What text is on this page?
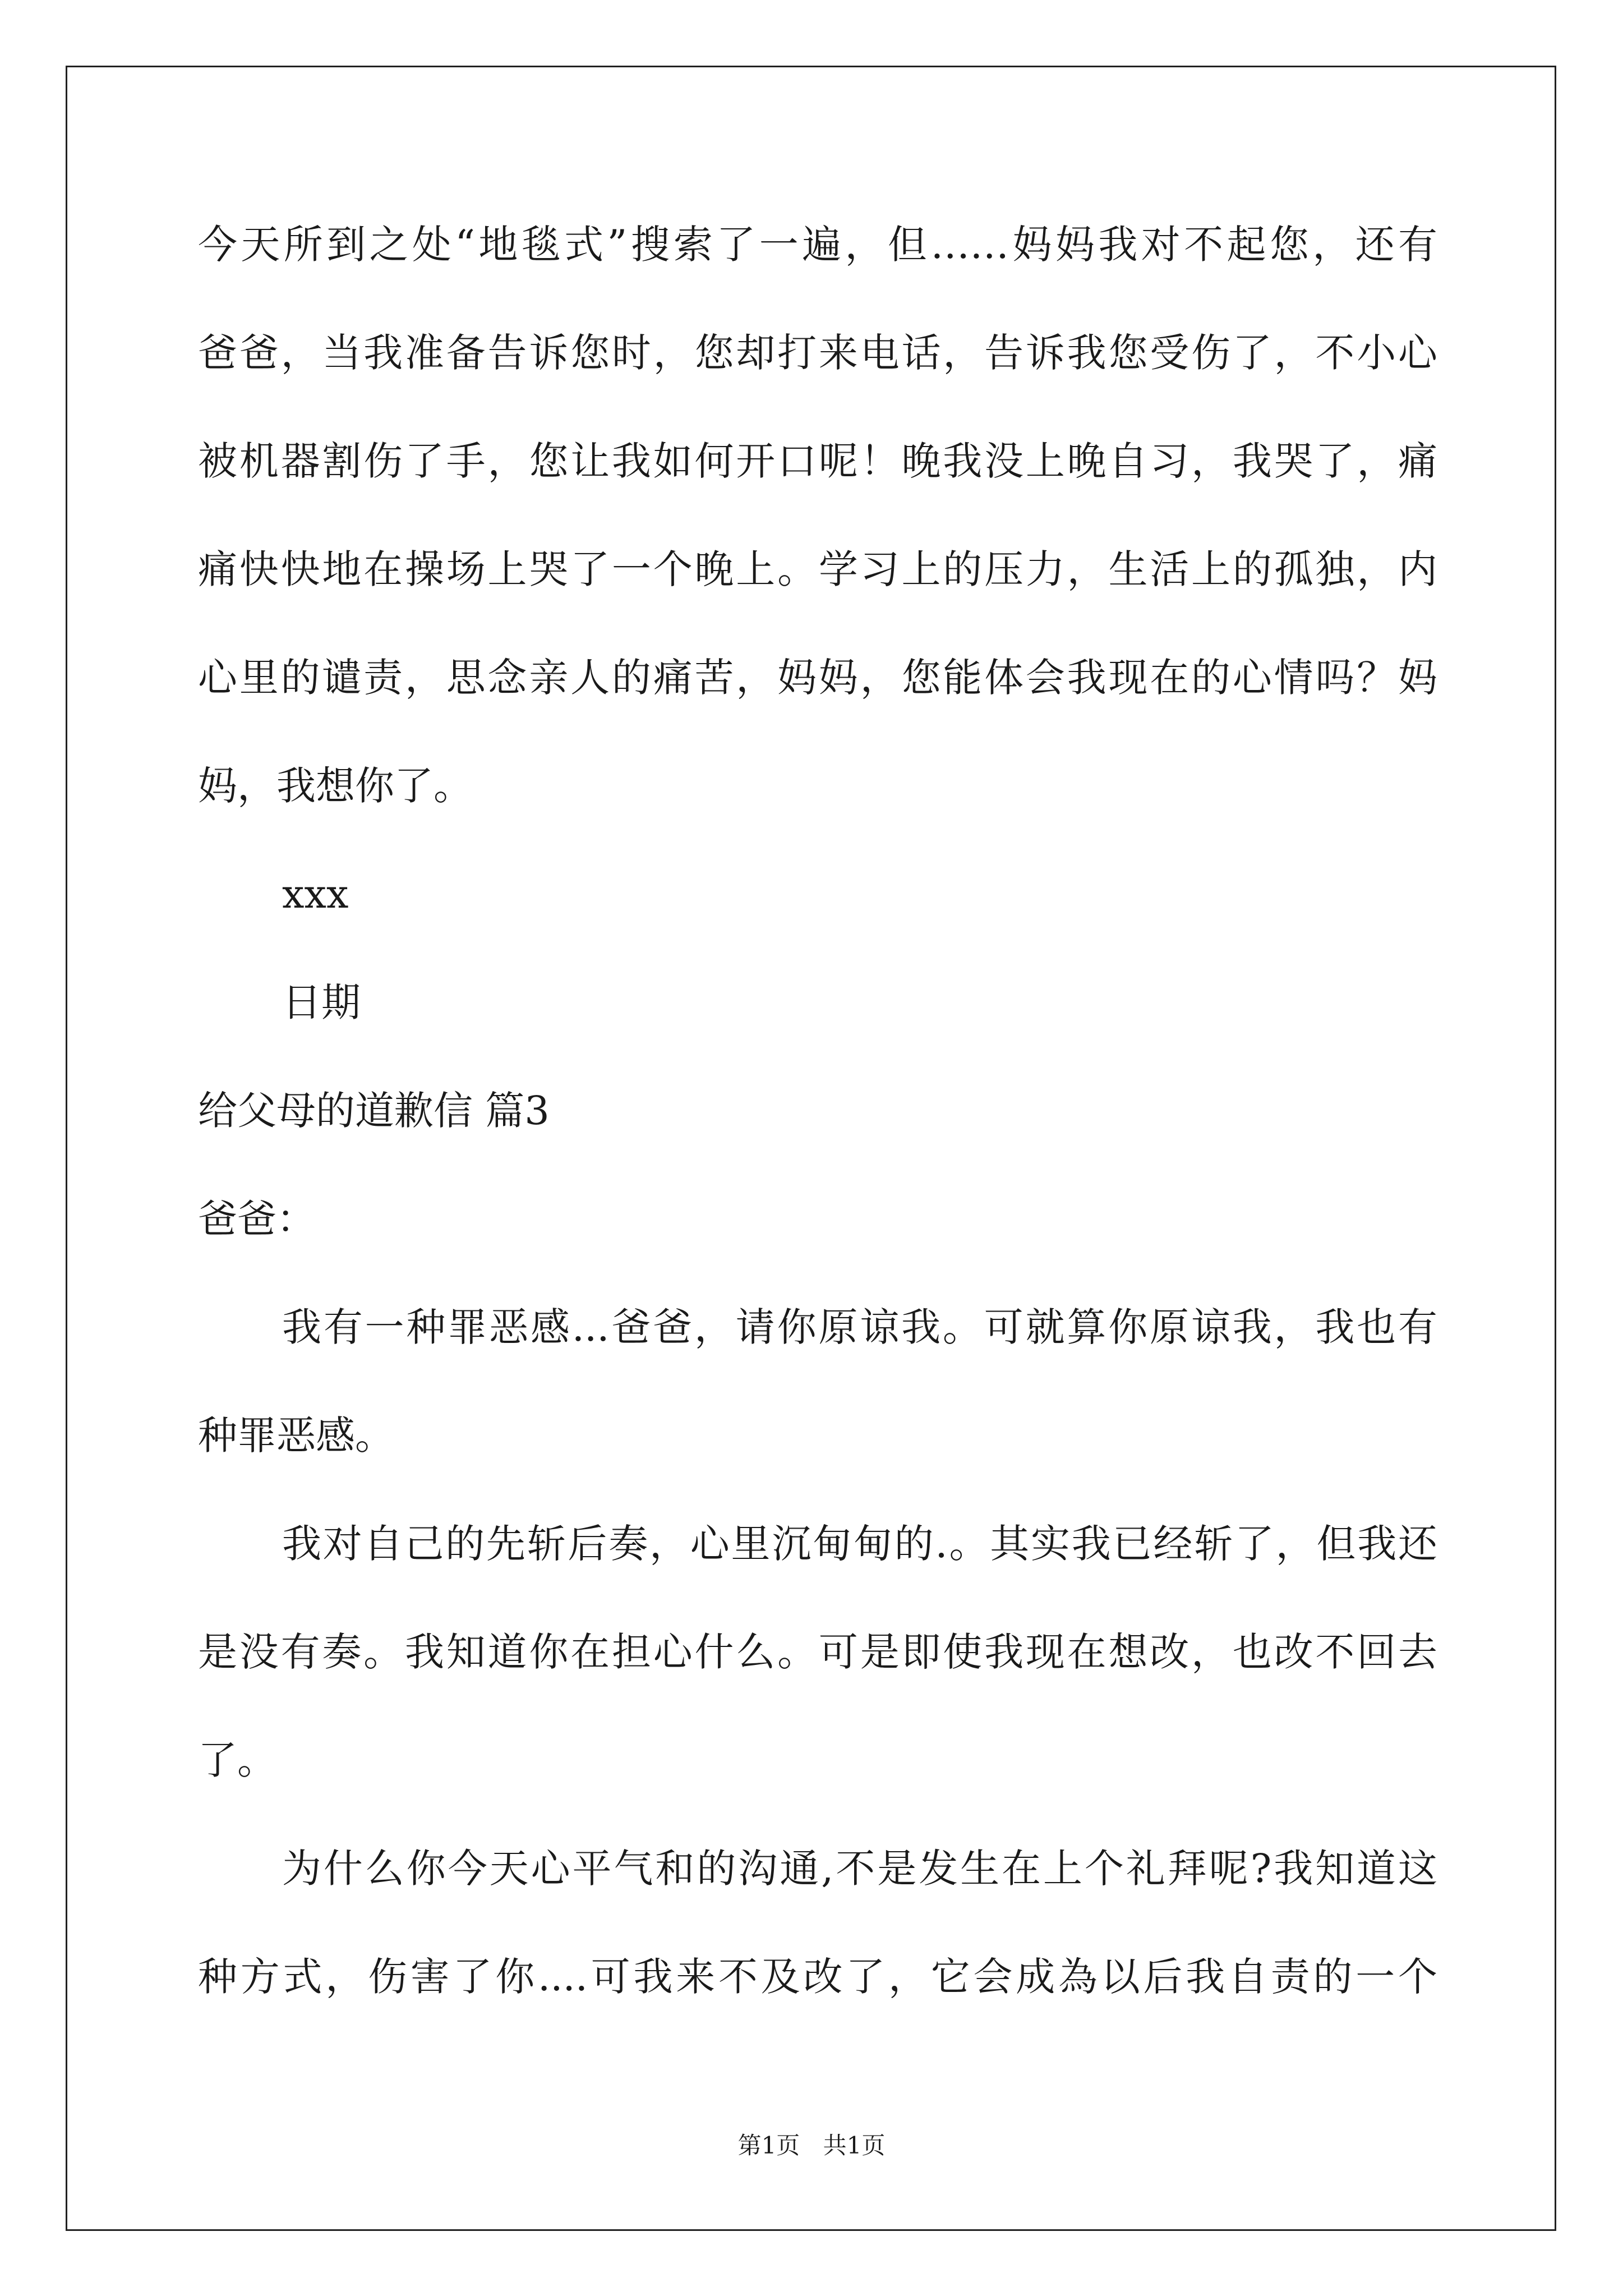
今天所到之处“地毯式”搜索了一遍，但……妈妈我对不起您，还有
爸爸，当我准备告诉您时，您却打来电话，告诉我您受伤了，不小心
被机器割伤了手，您让我如何开口呢！晚我没上晚自习，我哭了，痛
痛快快地在操场上哭了一个晚上。学习上的压力，生活上的孤独，内
心里的谴责，思念亲人的痛苦，妈妈，您能体会我现在的心情吗？妈
妈，我想你了。
xxx
日期
给父母的道歉信 篇3
爸爸：
我有一种罪恶感...爸爸，请你原谅我。可就算你原谅我，我也有
种罪恶感。
我对自己的先斩后奏，心里沉甸甸的.。其实我已经斩了，但我还
是没有奏。我知道你在担心什么。可是即使我现在想改，也改不回去
了。
为什么你今天心平气和的沟通,不是发生在上个礼拜呢?我知道这
种方式，伤害了你....可我来不及改了，它会成為以后我自责的一个
第1页 共1页
